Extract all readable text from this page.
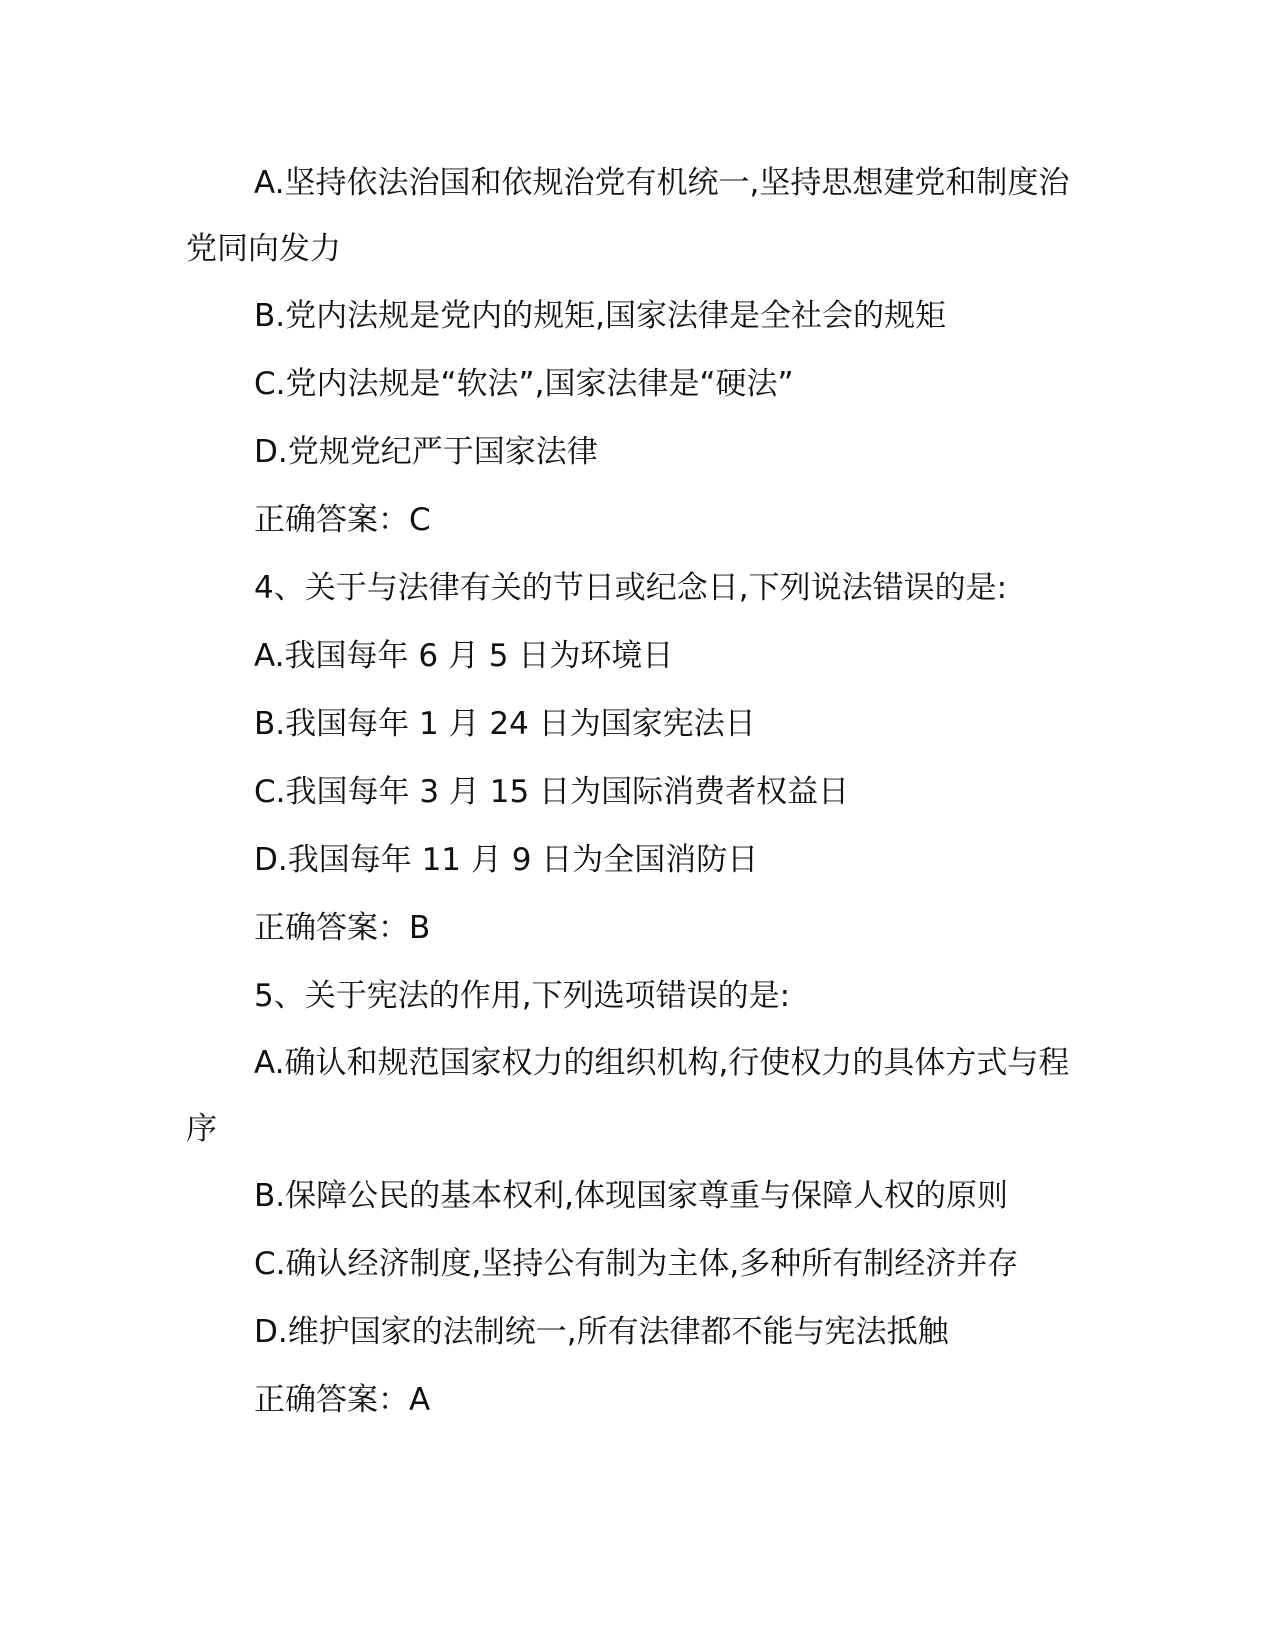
A.坚持依法治国和依规治党有机统一,坚持思想建党和制度治党同向发力

B.党内法规是党内的规矩,国家法律是全社会的规矩

C.党内法规是“软法”,国家法律是“硬法”

D.党规党纪严于国家法律

正确答案：C

4、关于与法律有关的节日或纪念日,下列说法错误的是:

A.我国每年 6 月 5 日为环境日

B.我国每年 1 月 24 日为国家宪法日

C.我国每年 3 月 15 日为国际消费者权益日

D.我国每年 11 月 9 日为全国消防日

正确答案：B

5、关于宪法的作用,下列选项错误的是:

A.确认和规范国家权力的组织机构,行使权力的具体方式与程序

B.保障公民的基本权利,体现国家尊重与保障人权的原则

C.确认经济制度,坚持公有制为主体,多种所有制经济并存

D.维护国家的法制统一,所有法律都不能与宪法抵触

正确答案：A
